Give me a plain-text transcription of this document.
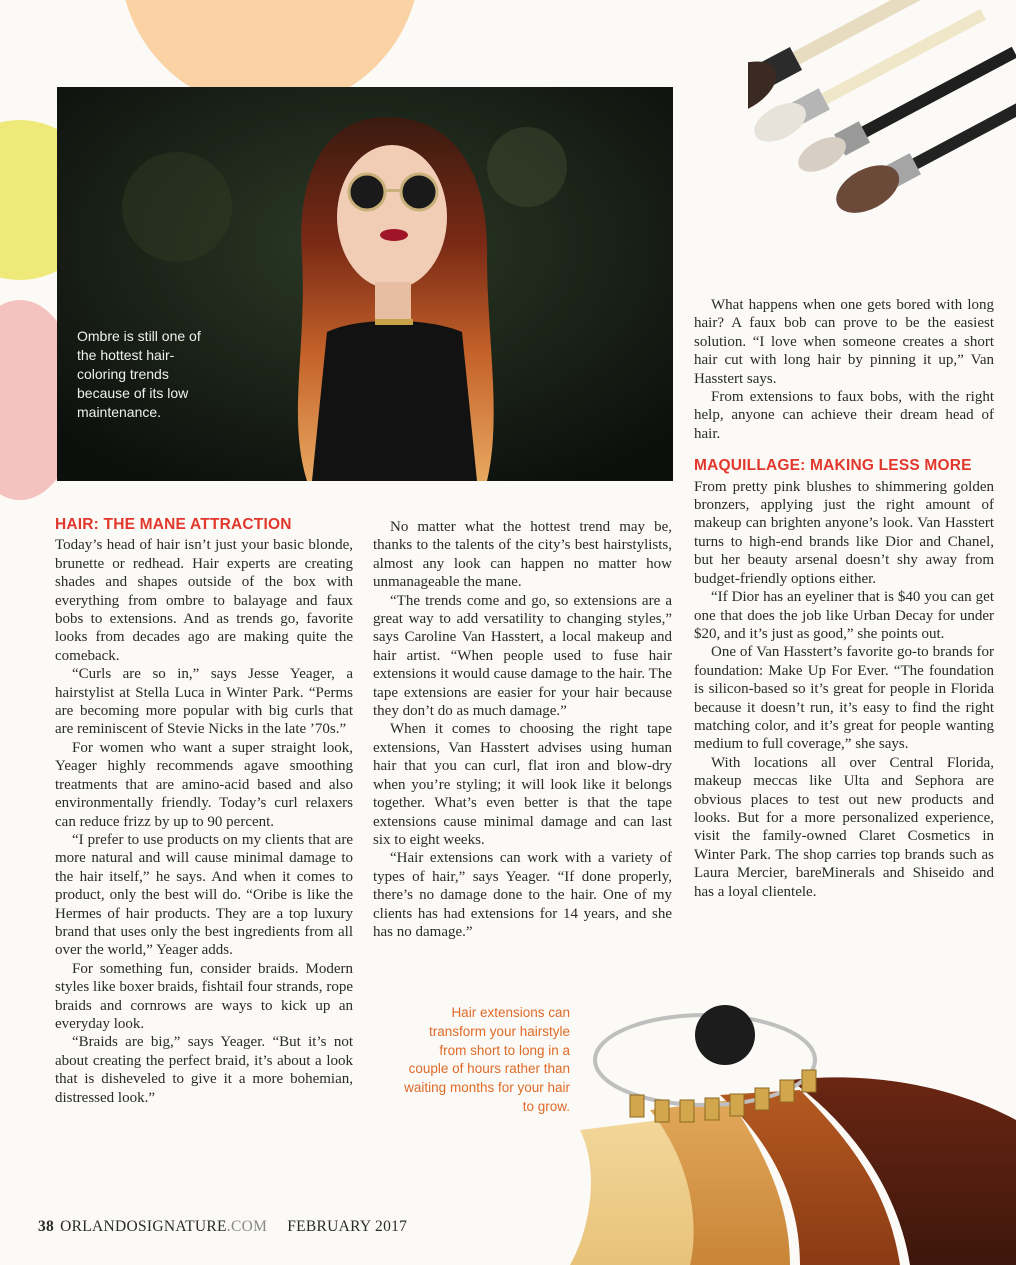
Ombre is still one of the hottest hair-coloring trends because of its low maintenance.

HAIR: THE MANE ATTRACTION

Today’s head of hair isn’t just your basic blonde, brunette or redhead. Hair experts are creating shades and shapes outside of the box with everything from ombre to balayage and faux bobs to extensions. And as trends go, favorite looks from decades ago are making quite the comeback.

“Curls are so in,” says Jesse Yeager, a hairstylist at Stella Luca in Winter Park. “Perms are becoming more popular with big curls that are reminiscent of Stevie Nicks in the late ’70s.”

For women who want a super straight look, Yeager highly recommends agave smoothing treatments that are amino-acid based and also environmentally friendly. Today’s curl relaxers can reduce frizz by up to 90 percent.

“I prefer to use products on my clients that are more natural and will cause minimal damage to the hair itself,” he says. And when it comes to product, only the best will do. “Oribe is like the Hermes of hair products. They are a top luxury brand that uses only the best ingredients from all over the world,” Yeager adds.

For something fun, consider braids. Modern styles like boxer braids, fishtail four strands, rope braids and cornrows are ways to kick up an everyday look.

“Braids are big,” says Yeager. “But it’s not about creating the perfect braid, it’s about a look that is disheveled to give it a more bohemian, distressed look.”

No matter what the hottest trend may be, thanks to the talents of the city’s best hairstylists, almost any look can happen no matter how unmanageable the mane.

“The trends come and go, so extensions are a great way to add versatility to changing styles,” says Caroline Van Hasstert, a local makeup and hair artist. “When people used to fuse hair extensions it would cause damage to the hair. The tape extensions are easier for your hair because they don’t do as much damage.”

When it comes to choosing the right tape extensions, Van Hasstert advises using human hair that you can curl, flat iron and blow-dry when you’re styling; it will look like it belongs together. What’s even better is that the tape extensions cause minimal damage and can last six to eight weeks.

“Hair extensions can work with a variety of types of hair,” says Yeager. “If done properly, there’s no damage done to the hair. One of my clients has had extensions for 14 years, and she has no damage.”

What happens when one gets bored with long hair? A faux bob can prove to be the easiest solution. “I love when someone creates a short hair cut with long hair by pinning it up,” Van Hasstert says.

From extensions to faux bobs, with the right help, anyone can achieve their dream head of hair.

MAQUILLAGE: MAKING LESS MORE

From pretty pink blushes to shimmering golden bronzers, applying just the right amount of makeup can brighten anyone’s look. Van Hasstert turns to high-end brands like Dior and Chanel, but her beauty arsenal doesn’t shy away from budget-friendly options either.

“If Dior has an eyeliner that is $40 you can get one that does the job like Urban Decay for under $20, and it’s just as good,” she points out.

One of Van Hasstert’s favorite go-to brands for foundation: Make Up For Ever. “The foundation is silicon-based so it’s great for people in Florida because it doesn’t run, it’s easy to find the right matching color, and it’s great for people wanting medium to full coverage,” she says.

With locations all over Central Florida, makeup meccas like Ulta and Sephora are obvious places to test out new products and looks. But for a more personalized experience, visit the family-owned Claret Cosmetics in Winter Park. The shop carries top brands such as Laura Mercier, bareMinerals and Shiseido and has a loyal clientele.

Hair extensions can transform your hairstyle from short to long in a couple of hours rather than waiting months for your hair to grow.

38 ORLANDOSIGNATURE.COM FEBRUARY 2017
